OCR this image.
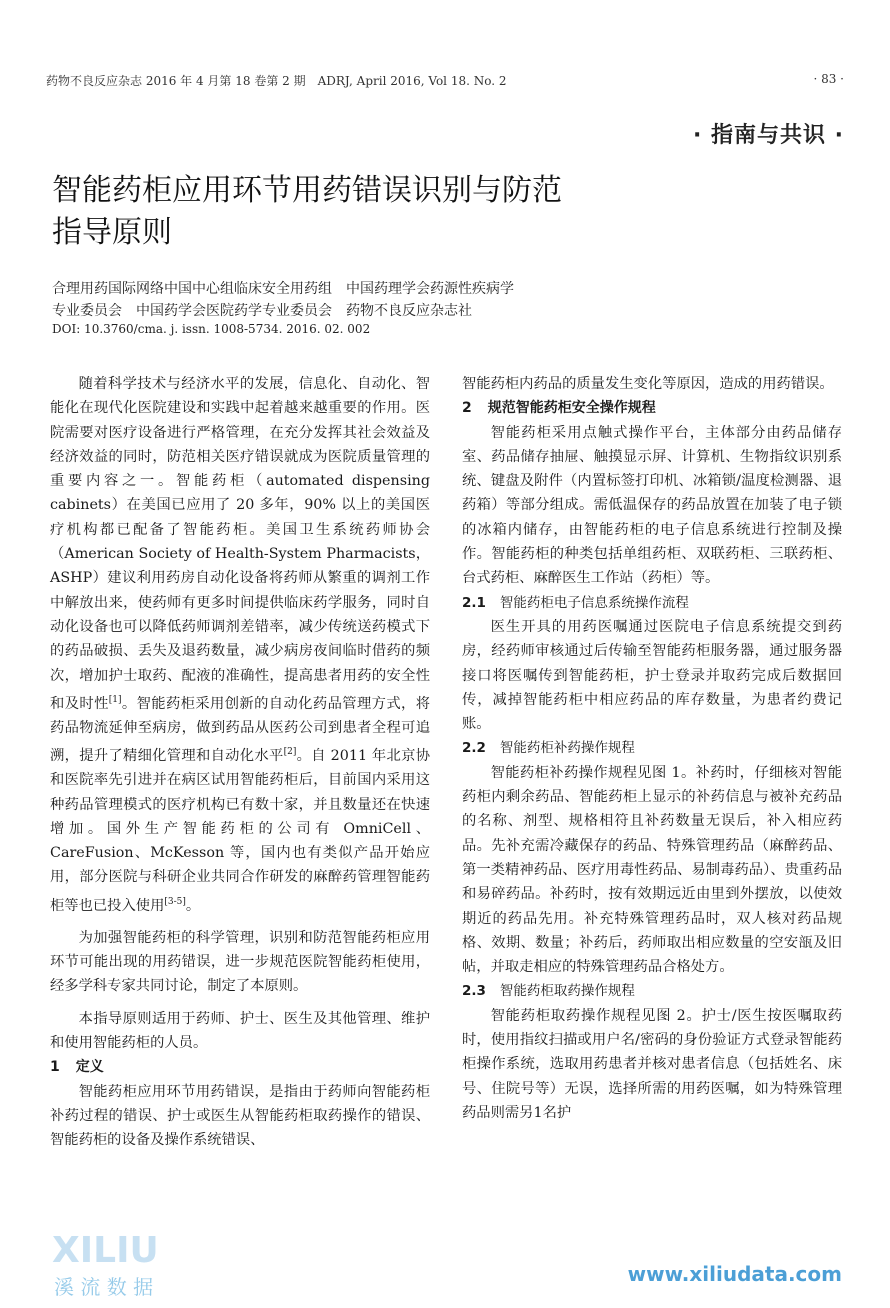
药物不良反应杂志 2016 年 4 月第 18 卷第 2 期　ADRJ, April 2016, Vol 18. No. 2	· 83 ·
· 指南与共识 ·
智能药柜应用环节用药错误识别与防范
指导原则
合理用药国际网络中国中心组临床安全用药组　中国药理学会药源性疾病学
专业委员会　中国药学会医院药学专业委员会　药物不良反应杂志社
DOI: 10.3760/cma. j. issn. 1008-5734. 2016. 02. 002

随着科学技术与经济水平的发展，信息化、自动化、智能化在现代化医院建设和实践中起着越来越重要的作用。医院需要对医疗设备进行严格管理，在充分发挥其社会效益及经济效益的同时，防范相关医疗错误就成为医院质量管理的重要内容之一。智能药柜（automated dispensing cabinets）在美国已应用了 20 多年，90% 以上的美国医疗机构都已配备了智能药柜。美国卫生系统药师协会（American Society of Health-System Pharmacists，ASHP）建议利用药房自动化设备将药师从繁重的调剂工作中解放出来，使药师有更多时间提供临床药学服务，同时自动化设备也可以降低药师调剂差错率，减少传统送药模式下的药品破损、丢失及退药数量，减少病房夜间临时借药的频次，增加护士取药、配液的准确性，提高患者用药的安全性和及时性[1]。智能药柜采用创新的自动化药品管理方式，将药品物流延伸至病房，做到药品从医药公司到患者全程可追溯，提升了精细化管理和自动化水平[2]。自 2011 年北京协和医院率先引进并在病区试用智能药柜后，目前国内采用这种药品管理模式的医疗机构已有数十家，并且数量还在快速增加。国外生产智能药柜的公司有 OmniCell、CareFusion、McKesson 等，国内也有类似产品开始应用，部分医院与科研企业共同合作研发的麻醉药管理智能药柜等也已投入使用[3-5]。

为加强智能药柜的科学管理，识别和防范智能药柜应用环节可能出现的用药错误，进一步规范医院智能药柜使用，经多学科专家共同讨论，制定了本原则。

本指导原则适用于药师、护士、医生及其他管理、维护和使用智能药柜的人员。

1 定义

智能药柜应用环节用药错误，是指由于药师向智能药柜补药过程的错误、护士或医生从智能药柜取药操作的错误、智能药柜的设备及操作系统错误、

智能药柜内药品的质量发生变化等原因，造成的用药错误。

2 规范智能药柜安全操作规程

智能药柜采用点触式操作平台，主体部分由药品储存室、药品储存抽屉、触摸显示屏、计算机、生物指纹识别系统、键盘及附件（内置标签打印机、冰箱锁/温度检测器、退药箱）等部分组成。需低温保存的药品放置在加装了电子锁的冰箱内储存，由智能药柜的电子信息系统进行控制及操作。智能药柜的种类包括单组药柜、双联药柜、三联药柜、台式药柜、麻醉医生工作站（药柜）等。

2.1 智能药柜电子信息系统操作流程

医生开具的用药医嘱通过医院电子信息系统提交到药房，经药师审核通过后传输至智能药柜服务器，通过服务器接口将医嘱传到智能药柜，护士登录并取药完成后数据回传，减掉智能药柜中相应药品的库存数量，为患者约费记账。

2.2 智能药柜补药操作规程

智能药柜补药操作规程见图 1。补药时，仔细核对智能药柜内剩余药品、智能药柜上显示的补药信息与被补充药品的名称、剂型、规格相符且补药数量无误后，补入相应药品。先补充需冷藏保存的药品、特殊管理药品（麻醉药品、第一类精神药品、医疗用毒性药品、易制毒药品）、贵重药品和易碎药品。补药时，按有效期远近由里到外摆放，以使效期近的药品先用。补充特殊管理药品时，双人核对药品规格、效期、数量；补药后，药师取出相应数量的空安瓿及旧帖，并取走相应的特殊管理药品合格处方。

2.3 智能药柜取药操作规程

智能药柜取药操作规程见图 2。护士/医生按医嘱取药时，使用指纹扫描或用户名/密码的身份验证方式登录智能药柜操作系统，选取用药患者并核对患者信息（包括姓名、床号、住院号等）无误，选择所需的用药医嘱，如为特殊管理药品则需另1名护

XILIU
溪 流 数 据
www.xiliudata.com
